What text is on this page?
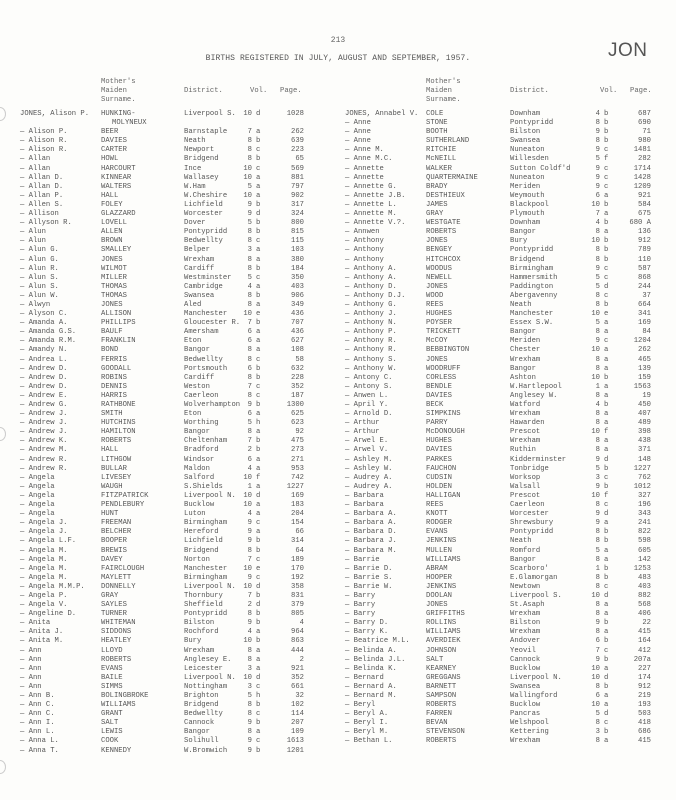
213
BIRTHS REGISTERED IN JULY, AUGUST AND SEPTEMBER, 1957.	JON
Mother's
Maiden
Surname.
District.	Vol. Page.
JONES, Alison P. HUNKING-	Liverpool S.	10 d	1028
MOLYNEUX
— Alison P.	BEER	Barnstaple	7 a	262
— Alison R.	DAVIES	Neath	8 b	639
— Alison R.	CARTER	Newport	8 c	223
— Allan	HOWL	Bridgend	8 b	65
— Allan	HARCOURT	Ince	10 c	569
— Allan D.	KINNEAR	Wallasey	10 a	881
— Allan D.	WALTERS	W.Ham	5 a	797
— Allan P.	HALL	W.Cheshire	10 a	902
— Allen S.	FOLEY	Lichfield	9 b	317
— Allison	GLAZZARD	Worcester	9 d	324
— Allyson R.	LOVELL	Dover	5 b	800
— Alun	ALLEN	Pontypridd	8 b	815
— Alun	BROWN	Bedwellty	8 c	115
— Alun G.	SMALLEY	Belper	3 a	103
— Alun G.	JONES	Wrexham	8 a	380
— Alun R.	WILMOT	Cardiff	8 b	184
— Alun S.	MILLER	Westminster	5 c	350
— Alun S.	THOMAS	Cambridge	4 a	403
— Alun W.	THOMAS	Swansea	8 b	906
— Alwyn	JONES	Aled	8 a	349
— Alyson C.	ALLISON	Manchester	10 e	436
— Amanda A.	PHILLIPS	Gloucester R.	7 b	707
— Amanda G.S.	BAULF	Amersham	6 a	436
— Amanda R.M.	FRANKLIN	Eton	6 a	627
— Amandy N.	BOND	Bangor	8 a	108
— Andrea L.	FERRIS	Bedwellty	8 c	58
— Andrew D.	GOODALL	Portsmouth	6 b	632
— Andrew D.	ROBINS	Cardiff	8 b	228
— Andrew D.	DENNIS	Weston	7 c	352
— Andrew E.	HARRIS	Caerleon	8 c	187
— Andrew G.	RATHBONE	Wolverhampton	9 b	1300
— Andrew J.	SMITH	Eton	6 a	625
— Andrew J.	HUTCHINS	Worthing	5 h	623
— Andrew J.	HAMILTON	Bangor	8 a	92
— Andrew K.	ROBERTS	Cheltenham	7 b	475
— Andrew M.	HALL	Bradford	2 b	273
— Andrew R.	LITHGOW	Windsor	6 a	271
— Andrew R.	BULLAR	Maldon	4 a	953
— Angela	LIVESEY	Salford	10 f	742
— Angela	WAUGH	S.Shields	1 a	1227
— Angela	FITZPATRICK	Liverpool N.	10 d	169
— Angela	PENDLEBURY	Bucklow	10 a	183
— Angela	HUNT	Luton	4 a	204
— Angela J.	FREEMAN	Birmingham	9 c	154
— Angela J.	BELCHER	Hereford	9 a	66
— Angela L.F.	BOOPER	Lichfield	9 b	314
— Angela M.	BREWIS	Bridgend	8 b	64
— Angela M.	DAVEY	Norton	7 c	189
— Angela M.	FAIRCLOUGH	Manchester	10 e	170
— Angela M.	MAYLETT	Birmingham	9 c	192
— Angela M.M.P. DONNELLY	Liverpool N.	10 d	358
— Angela P.	GRAY	Thornbury	7 b	831
— Angela V.	SAYLES	Sheffield	2 d	379
— Angeline D.	TURNER	Pontypridd	8 b	805
— Anita	WHITEMAN	Bilston	9 b	4
— Anita J.	SIDDONS	Rochford	4 a	964
— Anita M.	HEATLEY	Bury	10 b	863
— Ann	LLOYD	Wrexham	8 a	444
— Ann	ROBERTS	Anglesey E.	8 a	2
— Ann	EVANS	Leicester	3 a	921
— Ann	BAILE	Liverpool N.	10 d	352
— Ann	SIMMS	Nottingham	3 c	661
— Ann B.	BOLINGBROKE	Brighton	5 h	32
— Ann C.	WILLIAMS	Bridgend	8 b	102
— Ann C.	GRANT	Bedwellty	8 c	114
— Ann I.	SALT	Cannock	9 b	207
— Ann L.	LEWIS	Bangor	8 a	109
— Anna L.	COOK	Solihull	9 c	1613
— Anna T.	KENNEDY	W.Bromwich	9 b	1201
Mother's
Maiden
Surname.
District.	Vol. Page.
JONES, Annabel V. COLE	Downham	4 b	687
— Anne	STONE	Pontypridd	8 b	690
— Anne	BOOTH	Bilston	9 b	71
— Anne	SUTHERLAND	Swansea	8 b	980
— Anne M.	RITCHIE	Nuneaton	9 c	1481
— Anne M.C.	McNEILL	Willesden	5 f	282
— Annette	WALKER	Sutton Coldf'd	9 c	1714
— Annette	QUARTERMAINE	Nuneaton	9 c	1428
— Annette G.	BRADY	Meriden	9 c	1209
— Annette J.B.	DESTHIEUX	Weymouth	6 a	921
— Annette L.	JAMES	Blackpool	10 b	584
— Annette M.	GRAY	Plymouth	7 a	675
— Annette V.?.	WESTGATE	Downham	4 b	680 A
— Annwen	ROBERTS	Bangor	8 a	136
— Anthony	JONES	Bury	10 b	912
— Anthony	BENGEY	Pontypridd	8 b	789
— Anthony	HITCHCOX	Bridgend	8 b	110
— Anthony A.	WOODUS	Birmingham	9 c	587
— Anthony A.	NEWELL	Hammersmith	5 c	868
— Anthony D.	JONES	Paddington	5 d	244
— Anthony D.J.	WOOD	Abergavenny	8 c	37
— Anthony G.	REES	Neath	8 b	664
— Anthony J.	HUGHES	Manchester	10 e	341
— Anthony N.	POYSER	Essex S.W.	5 a	169
— Anthony P.	TRICKETT	Bangor	8 a	84
— Anthony R.	McCOY	Meriden	9 c	1204
— Anthony R.	BEBBINGTON	Chester	10 a	262
— Anthony S.	JONES	Wrexham	8 a	465
— Anthony W.	WOODRUFF	Bangor	8 a	139
— Antony C.	CORLESS	Ashton	10 b	159
— Antony S.	BENDLE	W.Hartlepool	1 a	1563
— Anwen L.	DAVIES	Anglesey W.	8 a	19
— April Y.	BECK	Watford	4 b	450
— Arnold D.	SIMPKINS	Wrexham	8 a	407
— Arthur	PARRY	Hawarden	8 a	489
— Arthur	McDONOUGH	Prescot	10 f	398
— Arwel E.	HUGHES	Wrexham	8 a	438
— Arwel V.	DAVIES	Ruthin	8 a	371
— Ashley M.	PARKES	Kidderminster	9 d	148
— Ashley W.	FAUCHON	Tonbridge	5 b	1227
— Audrey A.	CUDSIN	Worksop	3 c	762
— Audrey A.	HOLDEN	Walsall	9 b	1012
— Barbara	HALLIGAN	Prescot	10 f	327
— Barbara	REES	Caerleon	8 c	196
— Barbara A.	KNOTT	Worcester	9 d	343
— Barbara A.	RODGER	Shrewsbury	9 a	241
— Barbara D.	EVANS	Pontypridd	8 b	822
— Barbara J.	JENKINS	Neath	8 b	598
— Barbara M.	MULLEN	Romford	5 a	605
— Barrie	WILLIAMS	Bangor	8 a	142
— Barrie D.	ABRAM	Scarboro'	1 b	1253
— Barrie S.	HOOPER	E.Glamorgan	8 b	483
— Barrie W.	JENKINS	Newtown	8 c	403
— Barry	DOOLAN	Liverpool S.	10 d	882
— Barry	JONES	St.Asaph	8 a	568
— Barry	GRIFFITHS	Wrexham	8 a	406
— Barry D.	ROLLINS	Bilston	9 b	22
— Barry K.	WILLIAMS	Wrexham	8 a	415
— Beatrice M.L. AVERDIEK	Andover	6 b	164
— Belinda A.	JOHNSON	Yeovil	7 c	412
— Belinda J.L.	SALT	Cannock	9 b	207a
— Belinda K.	KEARNEY	Bucklow	10 a	227
— Bernard	GREGGANS	Liverpool N.	10 d	174
— Bernard A.	BARNETT	Swansea	8 b	912
— Bernard M.	SAMPSON	Wallingford	6 a	219
— Beryl	ROBERTS	Bucklow	10 a	193
— Beryl A.	FARREN	Pancras	5 d	503
— Beryl I.	BEVAN	Welshpool	8 c	418
— Beryl M.	STEVENSON	Kettering	3 b	686
— Bethan L.	ROBERTS	Wrexham	8 a	415
